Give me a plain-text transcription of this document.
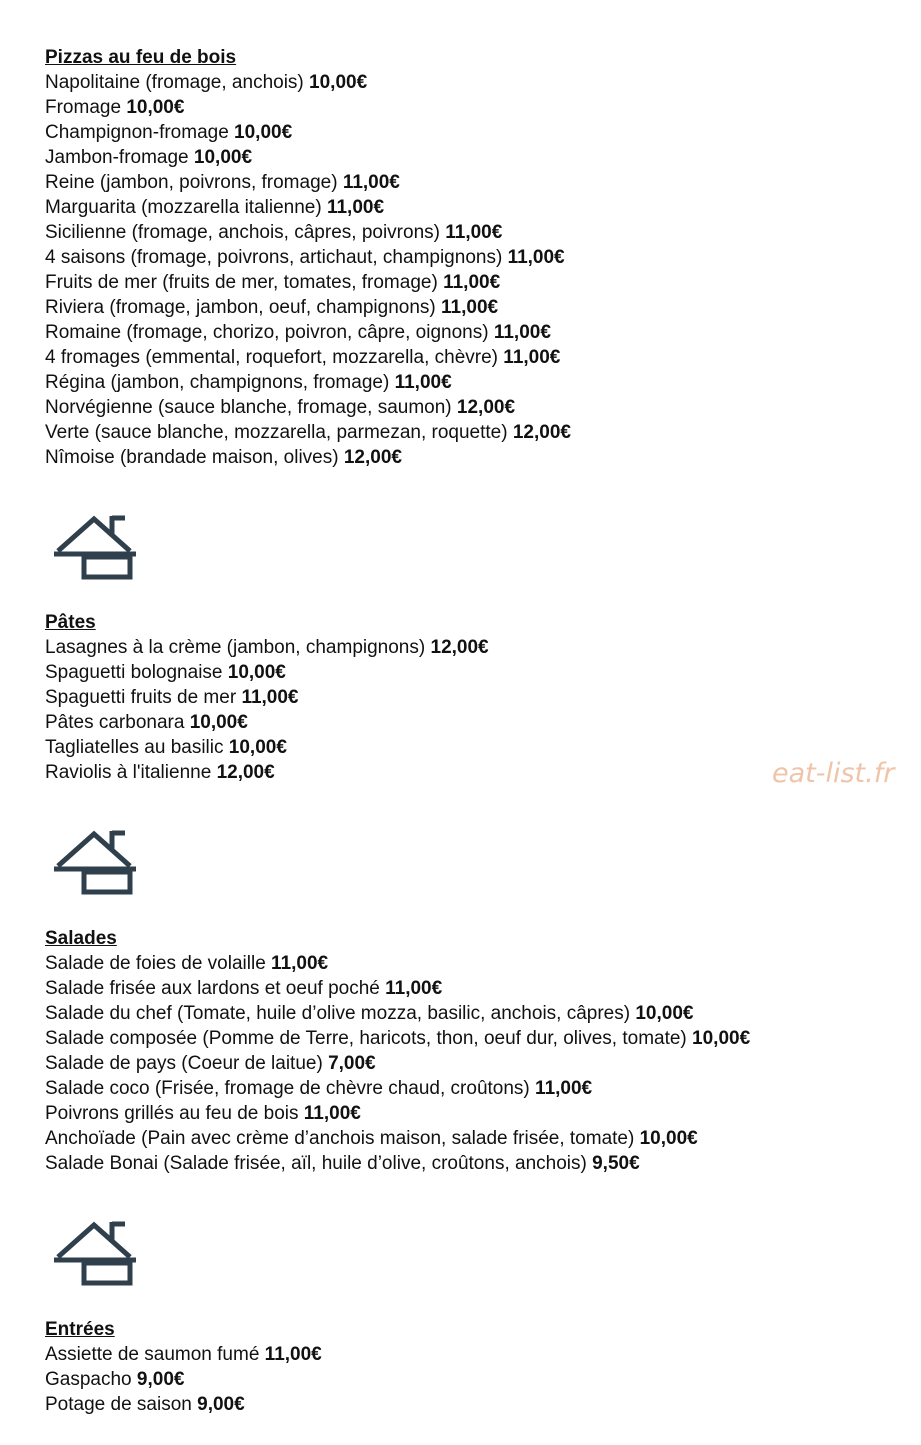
Pizzas au feu de bois
Napolitaine (fromage, anchois) 10,00€
Fromage 10,00€
Champignon-fromage 10,00€
Jambon-fromage 10,00€
Reine (jambon, poivrons, fromage) 11,00€
Marguarita (mozzarella italienne) 11,00€
Sicilienne (fromage, anchois, câpres, poivrons) 11,00€
4 saisons (fromage, poivrons, artichaut, champignons) 11,00€
Fruits de mer (fruits de mer, tomates, fromage) 11,00€
Riviera (fromage, jambon, oeuf, champignons) 11,00€
Romaine (fromage, chorizo, poivron, câpre, oignons) 11,00€
4 fromages (emmental, roquefort, mozzarella, chèvre) 11,00€
Régina (jambon, champignons, fromage) 11,00€
Norvégienne (sauce blanche, fromage, saumon) 12,00€
Verte (sauce blanche, mozzarella, parmezan, roquette) 12,00€
Nîmoise (brandade maison, olives) 12,00€
Pâtes
Lasagnes à la crème (jambon, champignons) 12,00€
Spaguetti bolognaise 10,00€
Spaguetti fruits de mer 11,00€
Pâtes carbonara 10,00€
Tagliatelles au basilic 10,00€
Raviolis à l'italienne 12,00€	eat-list.fr
Salades
Salade de foies de volaille 11,00€
Salade frisée aux lardons et oeuf poché 11,00€
Salade du chef (Tomate, huile d’olive mozza, basilic, anchois, câpres) 10,00€
Salade composée (Pomme de Terre, haricots, thon, oeuf dur, olives, tomate) 10,00€
Salade de pays (Coeur de laitue) 7,00€
Salade coco (Frisée, fromage de chèvre chaud, croûtons) 11,00€
Poivrons grillés au feu de bois 11,00€
Anchoïade (Pain avec crème d’anchois maison, salade frisée, tomate) 10,00€
Salade Bonai (Salade frisée, aïl, huile d’olive, croûtons, anchois) 9,50€
Entrées
Assiette de saumon fumé 11,00€
Gaspacho 9,00€
Potage de saison 9,00€
